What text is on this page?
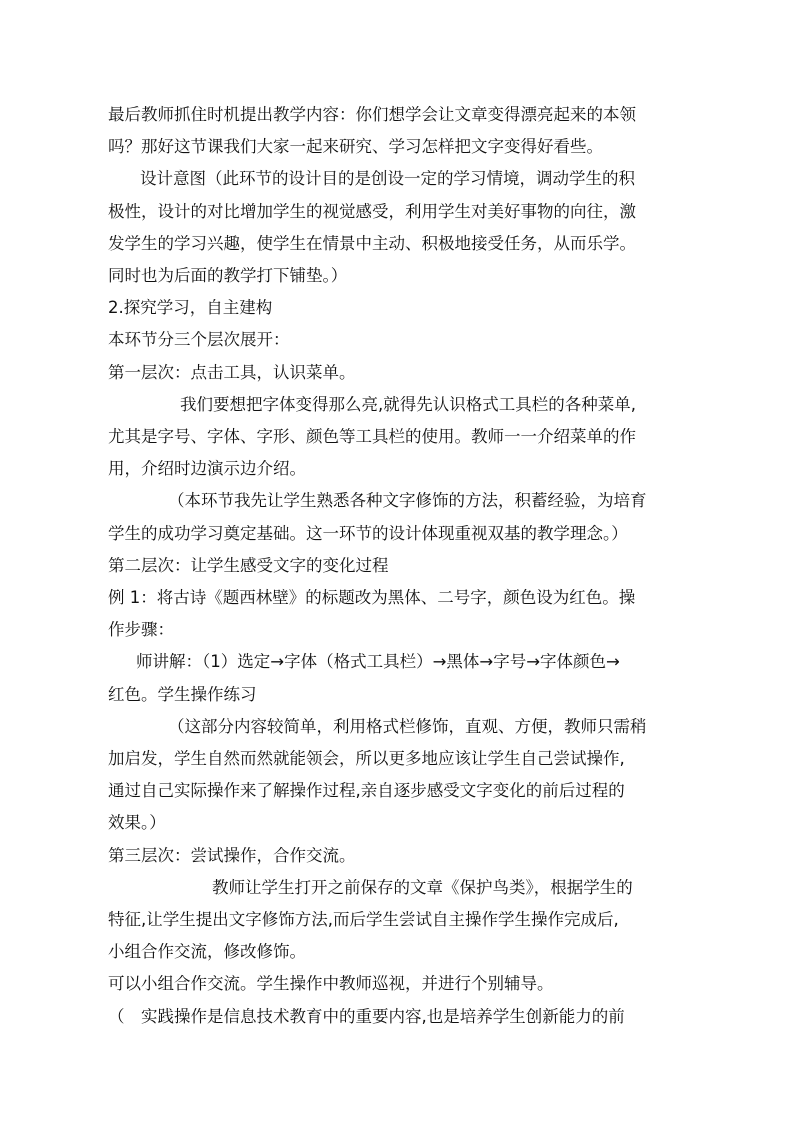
最后教师抓住时机提出教学内容：你们想学会让文章变得漂亮起来的本领
吗？那好这节课我们大家一起来研究、学习怎样把文字变得好看些。

设计意图（此环节的设计目的是创设一定的学习情境，调动学生的积
极性，设计的对比增加学生的视觉感受，利用学生对美好事物的向往，激
发学生的学习兴趣，使学生在情景中主动、积极地接受任务，从而乐学。
同时也为后面的教学打下铺垫。）

2.探究学习，自主建构

本环节分三个层次展开：

第一层次：点击工具，认识菜单。

我们要想把字体变得那么亮,就得先认识格式工具栏的各种菜单,
尤其是字号、字体、字形、颜色等工具栏的使用。教师一一介绍菜单的作
用，介绍时边演示边介绍。

（本环节我先让学生熟悉各种文字修饰的方法，积蓄经验，为培育
学生的成功学习奠定基础。这一环节的设计体现重视双基的教学理念。）

第二层次：让学生感受文字的变化过程

例 1：将古诗《题西林壁》的标题改为黑体、二号字，颜色设为红色。操
作步骤：

师讲解：（1）选定→字体（格式工具栏）→黑体→字号→字体颜色→
红色。学生操作练习

（这部分内容较简单，利用格式栏修饰，直观、方便，教师只需稍
加启发，学生自然而然就能领会，所以更多地应该让学生自己尝试操作,
通过自己实际操作来了解操作过程,亲自逐步感受文字变化的前后过程的
效果。）

第三层次：尝试操作，合作交流。

教师让学生打开之前保存的文章《保护鸟类》，根据学生的
特征,让学生提出文字修饰方法,而后学生尝试自主操作学生操作完成后,
小组合作交流，修改修饰。

可以小组合作交流。学生操作中教师巡视，并进行个别辅导。

（　实践操作是信息技术教育中的重要内容,也是培养学生创新能力的前
